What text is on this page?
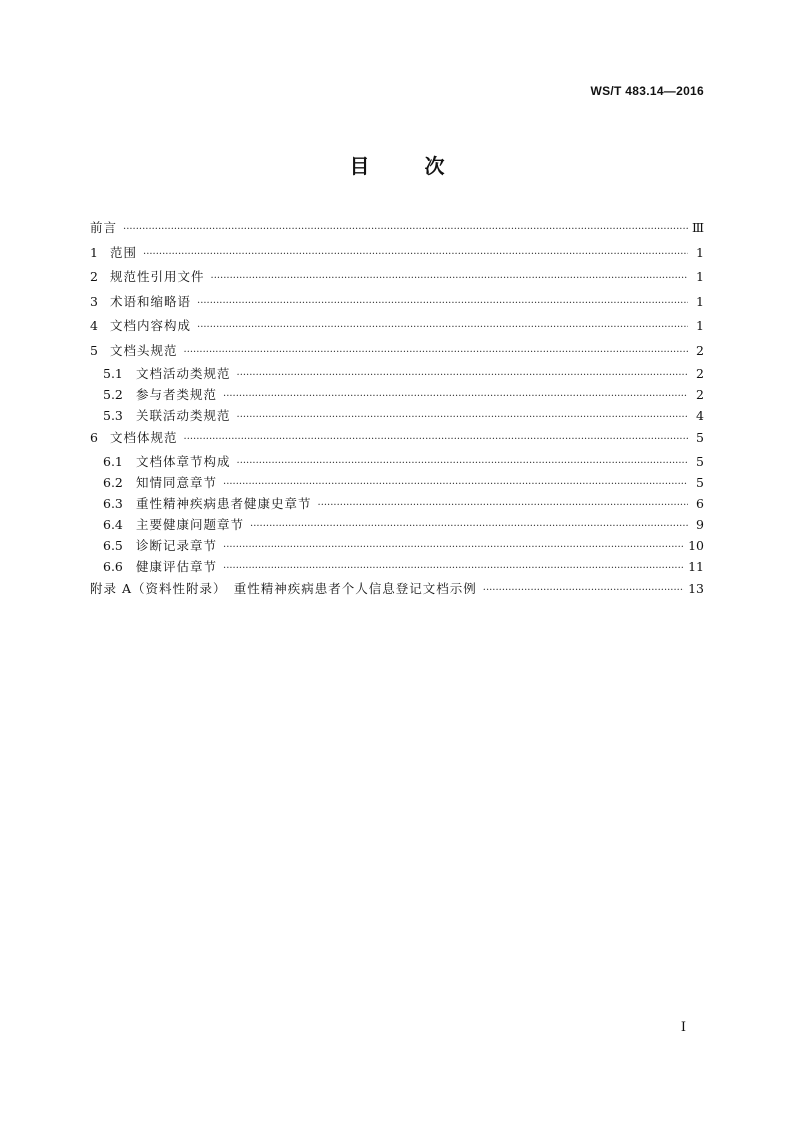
WS/T 483.14—2016
目	次
前言 ·····	Ⅲ
1 范围 ·····	1
2 规范性引用文件 ·····	1
3 术语和缩略语 ·····	1
4 文档内容构成 ·····	1
5 文档头规范 ·····	2
5.1	文档活动类规范 ·····	2
5.2	参与者类规范 ·····	2
5.3	关联活动类规范 ·····	4
6 文档体规范 ·····	5
6.1	文档体章节构成 ·····	5
6.2	知情同意章节 ·····	5
6.3	重性精神疾病患者健康史章节 ·····	6
6.4	主要健康问题章节 ·····	9
6.5	诊断记录章节 ·····	10
6.6	健康评估章节 ·····	11
附录 A（资料性附录）　重性精神疾病患者个人信息登记文档示例 ·····	13
I
